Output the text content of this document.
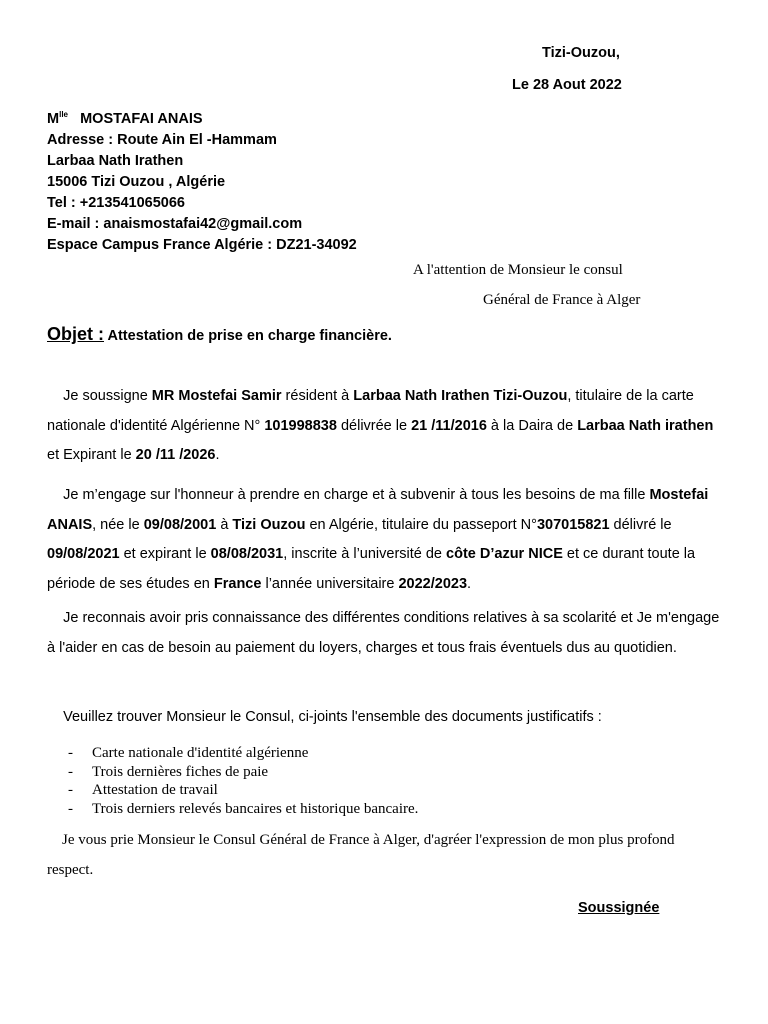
Tizi-Ouzou,
Le 28 Aout 2022
$M^{lle}$ MOSTAFAI ANAIS
Adresse : Route Ain El -Hammam
Larbaa Nath Irathen
15006 Tizi Ouzou , Algérie
Tel : +213541065066
E-mail : anaismostafai42@gmail.com
Espace Campus France Algérie : DZ21-34092
A l'attention de Monsieur le consul
Général de France à Alger
Objet : Attestation de prise en charge financière.

Je soussigne MR Mostefai Samir résident à Larbaa Nath Irathen Tizi-Ouzou, titulaire de la carte nationale d'identité Algérienne N° 101998838 délivrée le 21 /11/2016 à la Daira de Larbaa Nath irathen et Expirant le 20 /11 /2026.

Je m’engage sur l'honneur à prendre en charge et à subvenir à tous les besoins de ma fille Mostefai ANAIS, née le 09/08/2001 à Tizi Ouzou en Algérie, titulaire du passeport N°307015821 délivré le 09/08/2021 et expirant le 08/08/2031, inscrite à l’université de côte D’azur NICE et ce durant toute la période de ses études en France l’année universitaire 2022/2023.

Je reconnais avoir pris connaissance des différentes conditions relatives à sa scolarité et Je m'engage à l'aider en cas de besoin au paiement du loyers, charges et tous frais éventuels dus au quotidien.

Veuillez trouver Monsieur le Consul, ci-joints l'ensemble des documents justificatifs :

-	Carte nationale d'identité algérienne
-	Trois dernières fiches de paie
-	Attestation de travail
-	Trois derniers relevés bancaires et historique bancaire.

Je vous prie Monsieur le Consul Général de France à Alger, d'agréer l'expression de mon plus profond respect.

Soussignée
